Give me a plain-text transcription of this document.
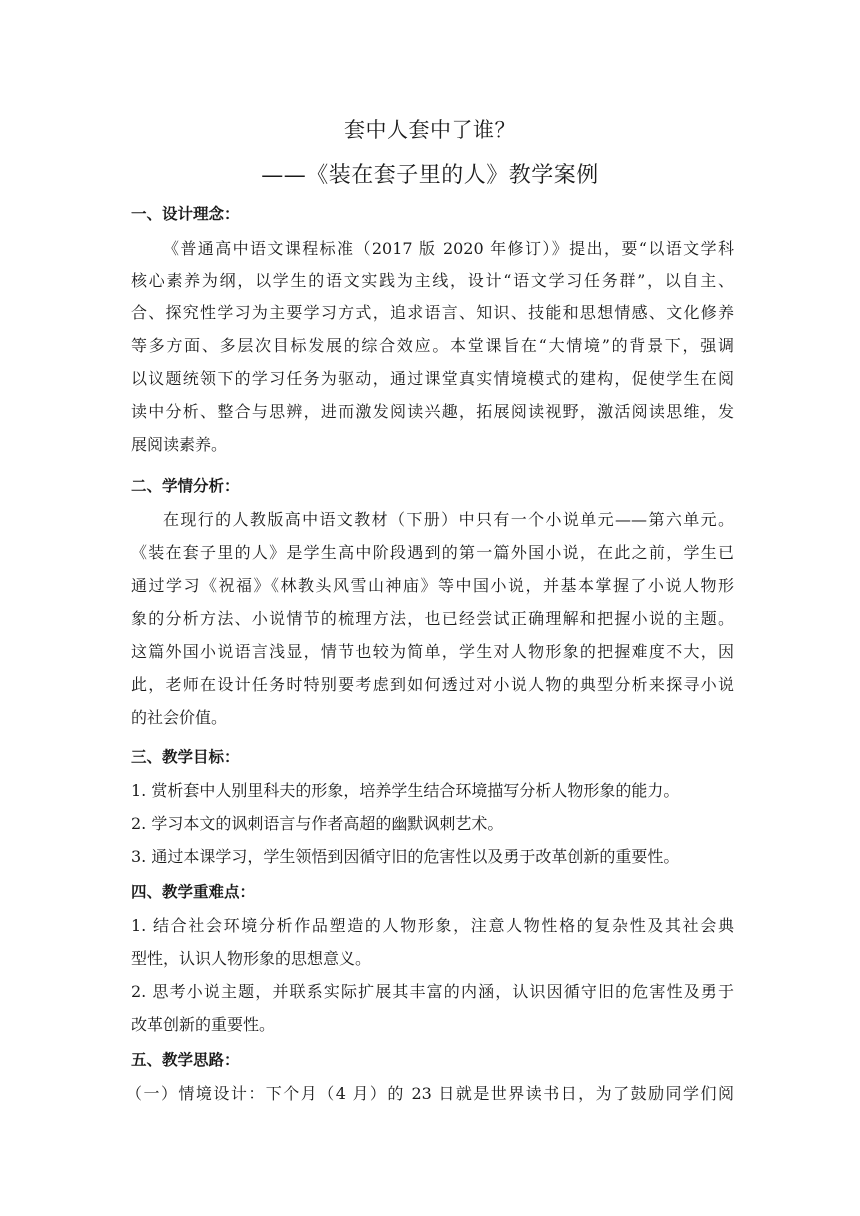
套中人套中了谁？
——《装在套子里的人》教学案例
一、设计理念：
《普通高中语文课程标准（2017 版 2020 年修订）》提出，要“以语文学科
核心素养为纲，以学生的语文实践为主线，设计“语文学习任务群”，以自主、
合、探究性学习为主要学习方式，追求语言、知识、技能和思想情感、文化修养
等多方面、多层次目标发展的综合效应。本堂课旨在“大情境”的背景下，强调
以议题统领下的学习任务为驱动，通过课堂真实情境模式的建构，促使学生在阅
读中分析、整合与思辨，进而激发阅读兴趣，拓展阅读视野，激活阅读思维，发
展阅读素养。
二、学情分析：
在现行的人教版高中语文教材（下册）中只有一个小说单元——第六单元。
《装在套子里的人》是学生高中阶段遇到的第一篇外国小说，在此之前，学生已
通过学习《祝福》《林教头风雪山神庙》等中国小说，并基本掌握了小说人物形
象的分析方法、小说情节的梳理方法，也已经尝试正确理解和把握小说的主题。
这篇外国小说语言浅显，情节也较为简单，学生对人物形象的把握难度不大，因
此，老师在设计任务时特别要考虑到如何透过对小说人物的典型分析来探寻小说
的社会价值。
三、教学目标：
1. 赏析套中人别里科夫的形象，培养学生结合环境描写分析人物形象的能力。
2. 学习本文的讽刺语言与作者高超的幽默讽刺艺术。
3. 通过本课学习，学生领悟到因循守旧的危害性以及勇于改革创新的重要性。
四、教学重难点：
1. 结合社会环境分析作品塑造的人物形象，注意人物性格的复杂性及其社会典
型性，认识人物形象的思想意义。
2. 思考小说主题，并联系实际扩展其丰富的内涵，认识因循守旧的危害性及勇于
改革创新的重要性。
五、教学思路：
（一）情境设计：下个月（4 月）的 23 日就是世界读书日，为了鼓励同学们阅
